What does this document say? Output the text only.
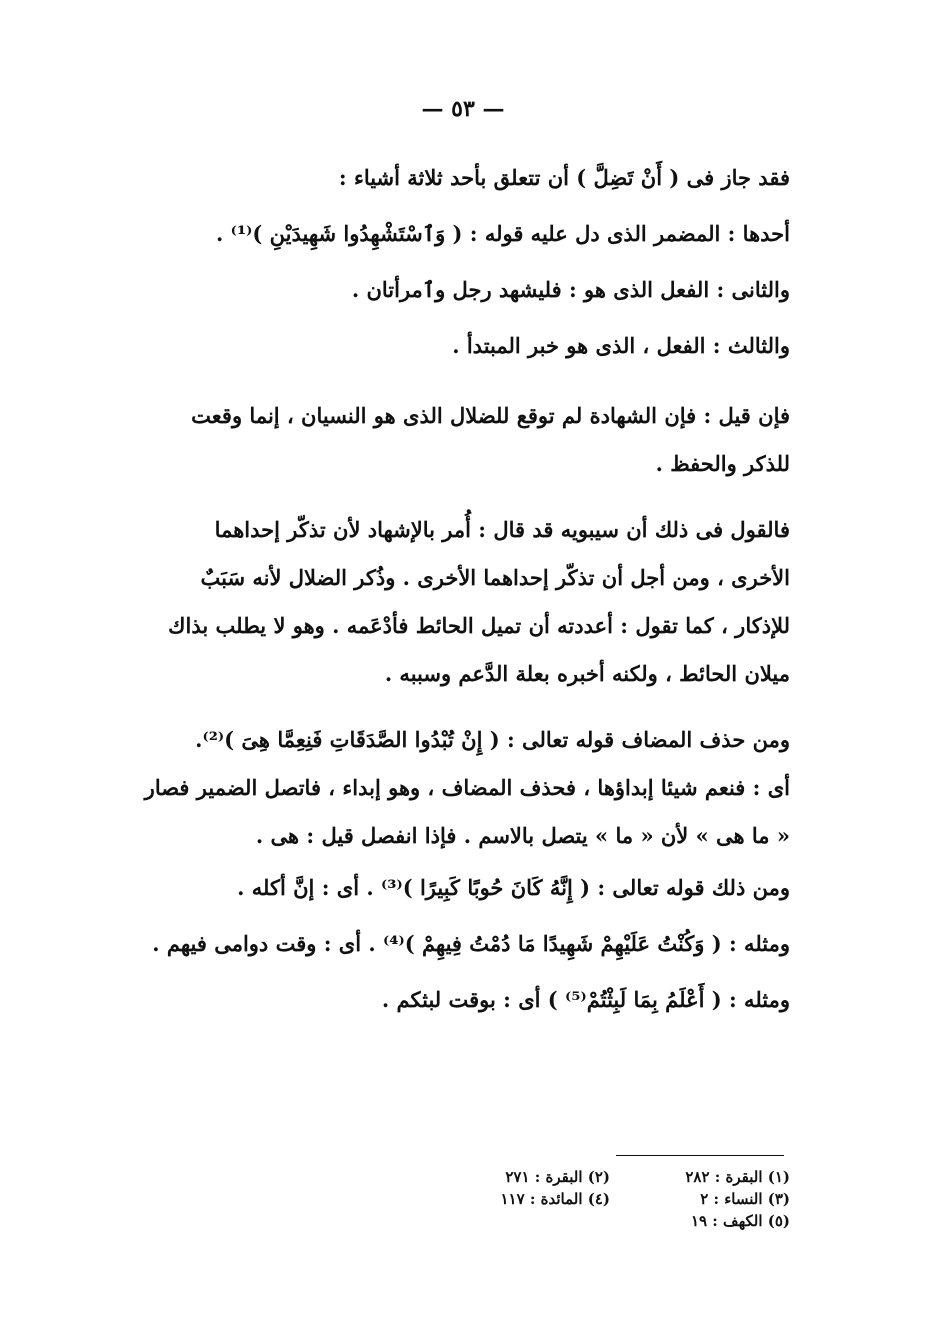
— ٥٣ —
فقد جاز فى ( أَنْ تَضِلَّ ) أن تتعلق بأحد ثلاثة أشياء :
أحدها : المضمر الذى دل عليه قوله : ( وَٱسْتَشْهِدُوا شَهِيدَيْنِ )⁽¹⁾ .
والثانى : الفعل الذى هو : فليشهد رجل وٱمرأتان .
والثالث : الفعل ، الذى هو خبر المبتدأ .
فإن قيل : فإن الشهادة لم توقع للضلال الذى هو النسيان ، إنما وقعت
للذكر والحفظ .
فالقول فى ذلك أن سيبويه قد قال : أُمر بالإشهاد لأن تذكّر إحداهما
الأخرى ، ومن أجل أن تذكّر إحداهما الأخرى . وذُكر الضلال لأنه سَبَبٌ
للإذكار ، كما تقول : أعددته أن تميل الحائط فأدْعَمه . وهو لا يطلب بذاك
ميلان الحائط ، ولكنه أخبره بعلة الدَّعم وسببه .
ومن حذف المضاف قوله تعالى : ( إِنْ تُبْدُوا الصَّدَقَاتِ فَنِعِمَّا هِىَ )⁽²⁾.
أى : فنعم شيئا إبداؤها ، فحذف المضاف ، وهو إبداء ، فاتصل الضمير فصار
« ما هى » لأن « ما » يتصل بالاسم . فإذا انفصل قيل : هى .
ومن ذلك قوله تعالى : ( إِنَّهُ كَانَ حُوبًا كَبِيرًا )⁽³⁾ . أى : إنَّ أكله .
ومثله : ( وَكُنْتُ عَلَيْهِمْ شَهِيدًا مَا دُمْتُ فِيهِمْ )⁽⁴⁾ . أى : وقت دوامى فيهم .
ومثله : ( أَعْلَمُ بِمَا لَبِثْتُمْ⁽⁵⁾ ) أى : بوقت لبثكم .
(١) البقرة : ٢٨٢
(٢) البقرة : ٢٧١
(٣) النساء : ٢
(٤) المائدة : ١١٧
(٥) الكهف : ١٩
